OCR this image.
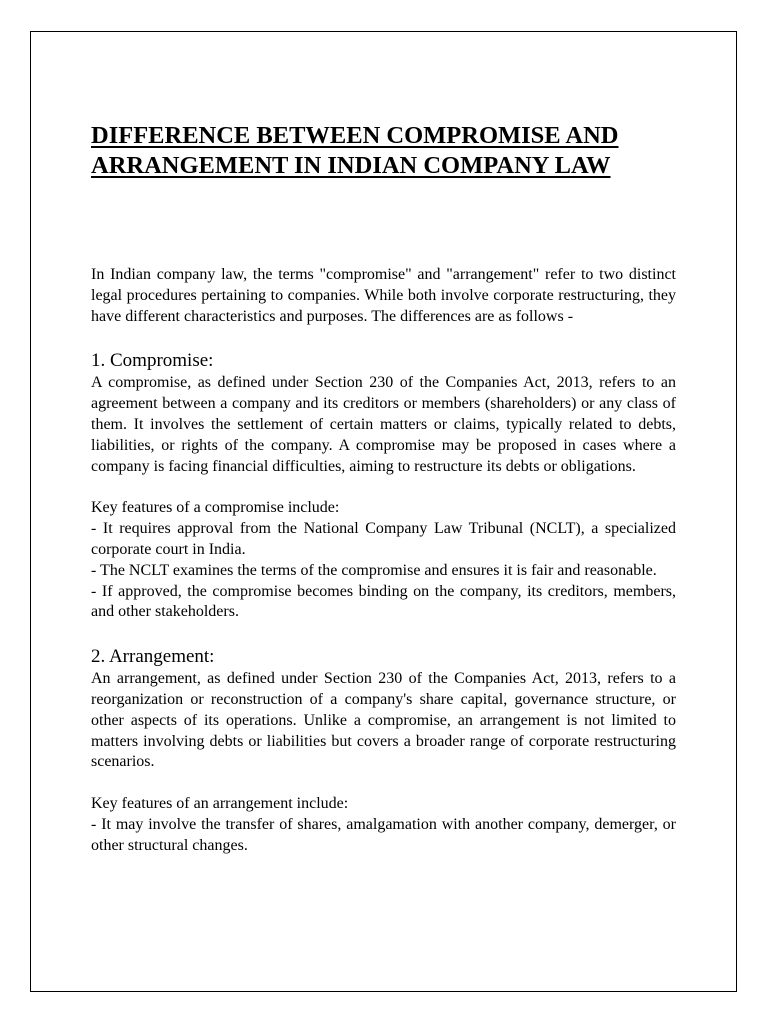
DIFFERENCE BETWEEN COMPROMISE AND
ARRANGEMENT IN INDIAN COMPANY LAW

In Indian company law, the terms "compromise" and "arrangement" refer to two distinct legal procedures pertaining to companies. While both involve corporate restructuring, they have different characteristics and purposes. The differences are as follows -

1. Compromise:

A compromise, as defined under Section 230 of the Companies Act, 2013, refers to an agreement between a company and its creditors or members (shareholders) or any class of them. It involves the settlement of certain matters or claims, typically related to debts, liabilities, or rights of the company. A compromise may be proposed in cases where a company is facing financial difficulties, aiming to restructure its debts or obligations.

Key features of a compromise include:

- It requires approval from the National Company Law Tribunal (NCLT), a specialized corporate court in India.

- The NCLT examines the terms of the compromise and ensures it is fair and reasonable.

- If approved, the compromise becomes binding on the company, its creditors, members, and other stakeholders.

2. Arrangement:

An arrangement, as defined under Section 230 of the Companies Act, 2013, refers to a reorganization or reconstruction of a company's share capital, governance structure, or other aspects of its operations. Unlike a compromise, an arrangement is not limited to matters involving debts or liabilities but covers a broader range of corporate restructuring scenarios.

Key features of an arrangement include:

- It may involve the transfer of shares, amalgamation with another company, demerger, or other structural changes.
